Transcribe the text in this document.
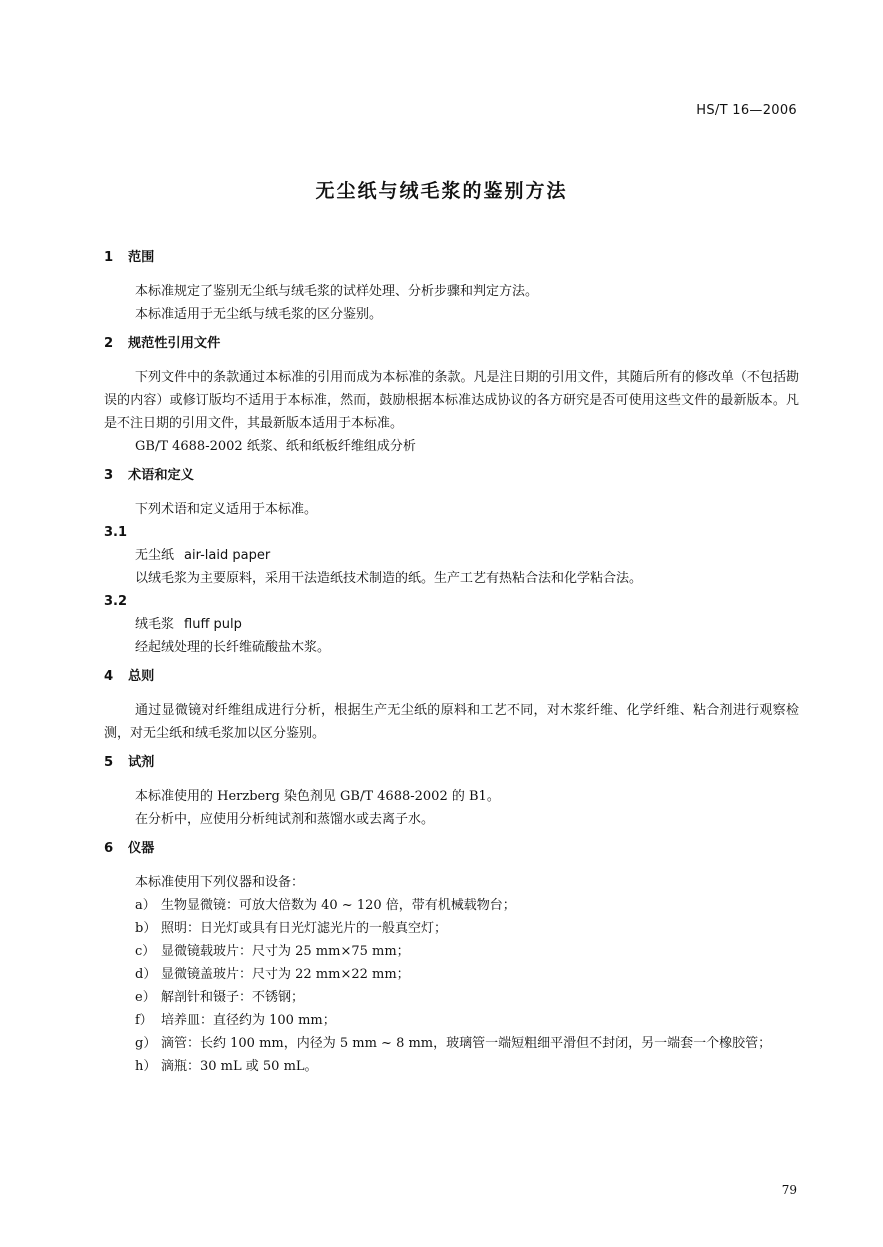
HS/T 16—2006
无尘纸与绒毛浆的鉴别方法
1 范围

本标准规定了鉴别无尘纸与绒毛浆的试样处理、分析步骤和判定方法。

本标准适用于无尘纸与绒毛浆的区分鉴别。

2 规范性引用文件

下列文件中的条款通过本标准的引用而成为本标准的条款。凡是注日期的引用文件，其随后所有的修改单（不包括勘误的内容）或修订版均不适用于本标准，然而，鼓励根据本标准达成协议的各方研究是否可使用这些文件的最新版本。凡是不注日期的引用文件，其最新版本适用于本标准。

GB/T 4688-2002 纸浆、纸和纸板纤维组成分析

3 术语和定义

下列术语和定义适用于本标准。

3.1
无尘纸 air-laid paper

以绒毛浆为主要原料，采用干法造纸技术制造的纸。生产工艺有热粘合法和化学粘合法。

3.2
绒毛浆 fluff pulp

经起绒处理的长纤维硫酸盐木浆。

4 总则

通过显微镜对纤维组成进行分析，根据生产无尘纸的原料和工艺不同，对木浆纤维、化学纤维、粘合剂进行观察检测，对无尘纸和绒毛浆加以区分鉴别。

5 试剂

本标准使用的 Herzberg 染色剂见 GB/T 4688-2002 的 B1。

在分析中，应使用分析纯试剂和蒸馏水或去离子水。

6 仪器

本标准使用下列仪器和设备：

a） 生物显微镜：可放大倍数为 40 ~ 120 倍，带有机械载物台；

b） 照明：日光灯或具有日光灯滤光片的一般真空灯；

c） 显微镜载玻片：尺寸为 25 mm×75 mm；

d） 显微镜盖玻片：尺寸为 22 mm×22 mm；

e） 解剖针和镊子：不锈钢；

f） 培养皿：直径约为 100 mm；

g） 滴管：长约 100 mm，内径为 5 mm ~ 8 mm，玻璃管一端短粗细平滑但不封闭，另一端套一个橡胶管；

h） 滴瓶：30 mL 或 50 mL。

79
